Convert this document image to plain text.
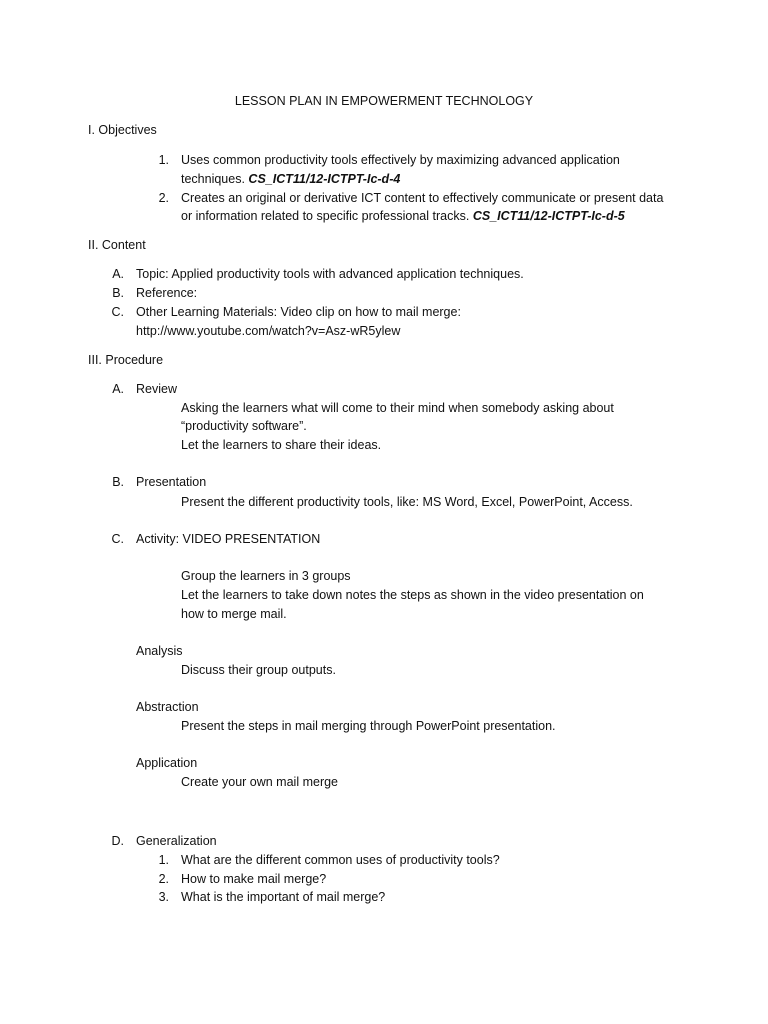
LESSON PLAN IN EMPOWERMENT TECHNOLOGY
I. Objectives
1. Uses common productivity tools effectively by maximizing advanced application
techniques. CS_ICT11/12-ICTPT-Ic-d-4
2. Creates an original or derivative ICT content to effectively communicate or present data
or information related to specific professional tracks. CS_ICT11/12-ICTPT-Ic-d-5
II. Content
A. Topic: Applied productivity tools with advanced application techniques.
B. Reference:
C. Other Learning Materials: Video clip on how to mail merge:
http://www.youtube.com/watch?v=Asz-wR5ylew
III. Procedure
A. Review
Asking the learners what will come to their mind when somebody asking about
“productivity software”.
Let the learners to share their ideas.
B. Presentation
Present the different productivity tools, like: MS Word, Excel, PowerPoint, Access.
C. Activity: VIDEO PRESENTATION
Group the learners in 3 groups
Let the learners to take down notes the steps as shown in the video presentation on
how to merge mail.
Analysis
Discuss their group outputs.
Abstraction
Present the steps in mail merging through PowerPoint presentation.
Application
Create your own mail merge
D. Generalization
1. What are the different common uses of productivity tools?
2. How to make mail merge?
3. What is the important of mail merge?
